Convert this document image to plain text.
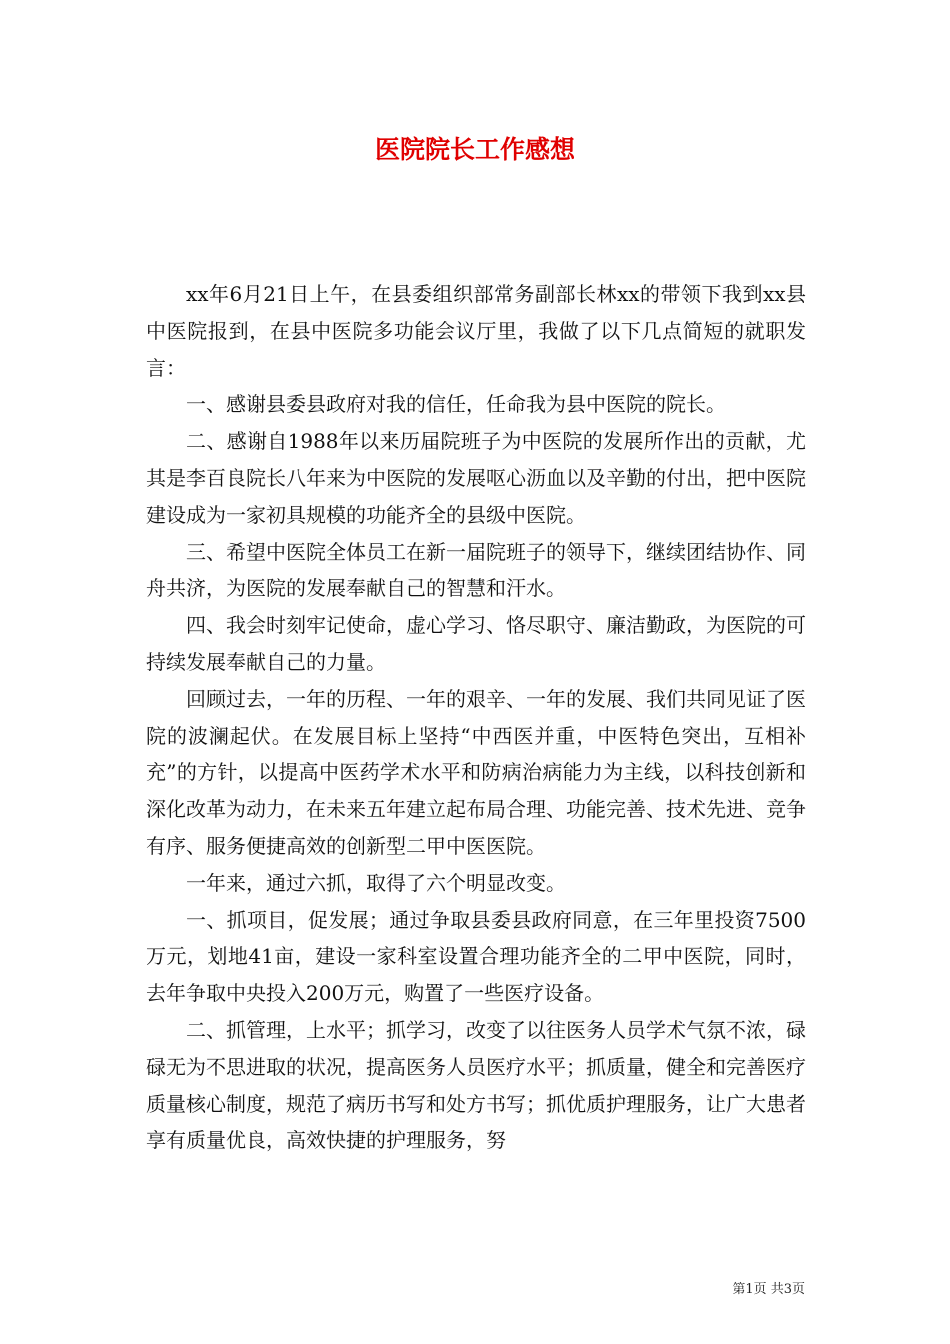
医院院长工作感想

xx年6月21日上午，在县委组织部常务副部长林xx的带领下我到xx县中医院报到，在县中医院多功能会议厅里，我做了以下几点简短的就职发言：

一、感谢县委县政府对我的信任，任命我为县中医院的院长。

二、感谢自1988年以来历届院班子为中医院的发展所作出的贡献，尤其是李百良院长八年来为中医院的发展呕心沥血以及辛勤的付出，把中医院建设成为一家初具规模的功能齐全的县级中医院。

三、希望中医院全体员工在新一届院班子的领导下，继续团结协作、同舟共济，为医院的发展奉献自己的智慧和汗水。

四、我会时刻牢记使命，虚心学习、恪尽职守、廉洁勤政，为医院的可持续发展奉献自己的力量。

回顾过去，一年的历程、一年的艰辛、一年的发展、我们共同见证了医院的波澜起伏。在发展目标上坚持“中西医并重，中医特色突出，互相补充”的方针，以提高中医药学术水平和防病治病能力为主线，以科技创新和深化改革为动力，在未来五年建立起布局合理、功能完善、技术先进、竞争有序、服务便捷高效的创新型二甲中医医院。

一年来，通过六抓，取得了六个明显改变。

一、抓项目，促发展；通过争取县委县政府同意，在三年里投资7500万元，划地41亩，建设一家科室设置合理功能齐全的二甲中医院，同时，去年争取中央投入200万元，购置了一些医疗设备。

二、抓管理，上水平；抓学习，改变了以往医务人员学术气氛不浓，碌碌无为不思进取的状况，提高医务人员医疗水平；抓质量，健全和完善医疗质量核心制度，规范了病历书写和处方书写；抓优质护理服务，让广大患者享有质量优良，高效快捷的护理服务，努

第1页 共3页
